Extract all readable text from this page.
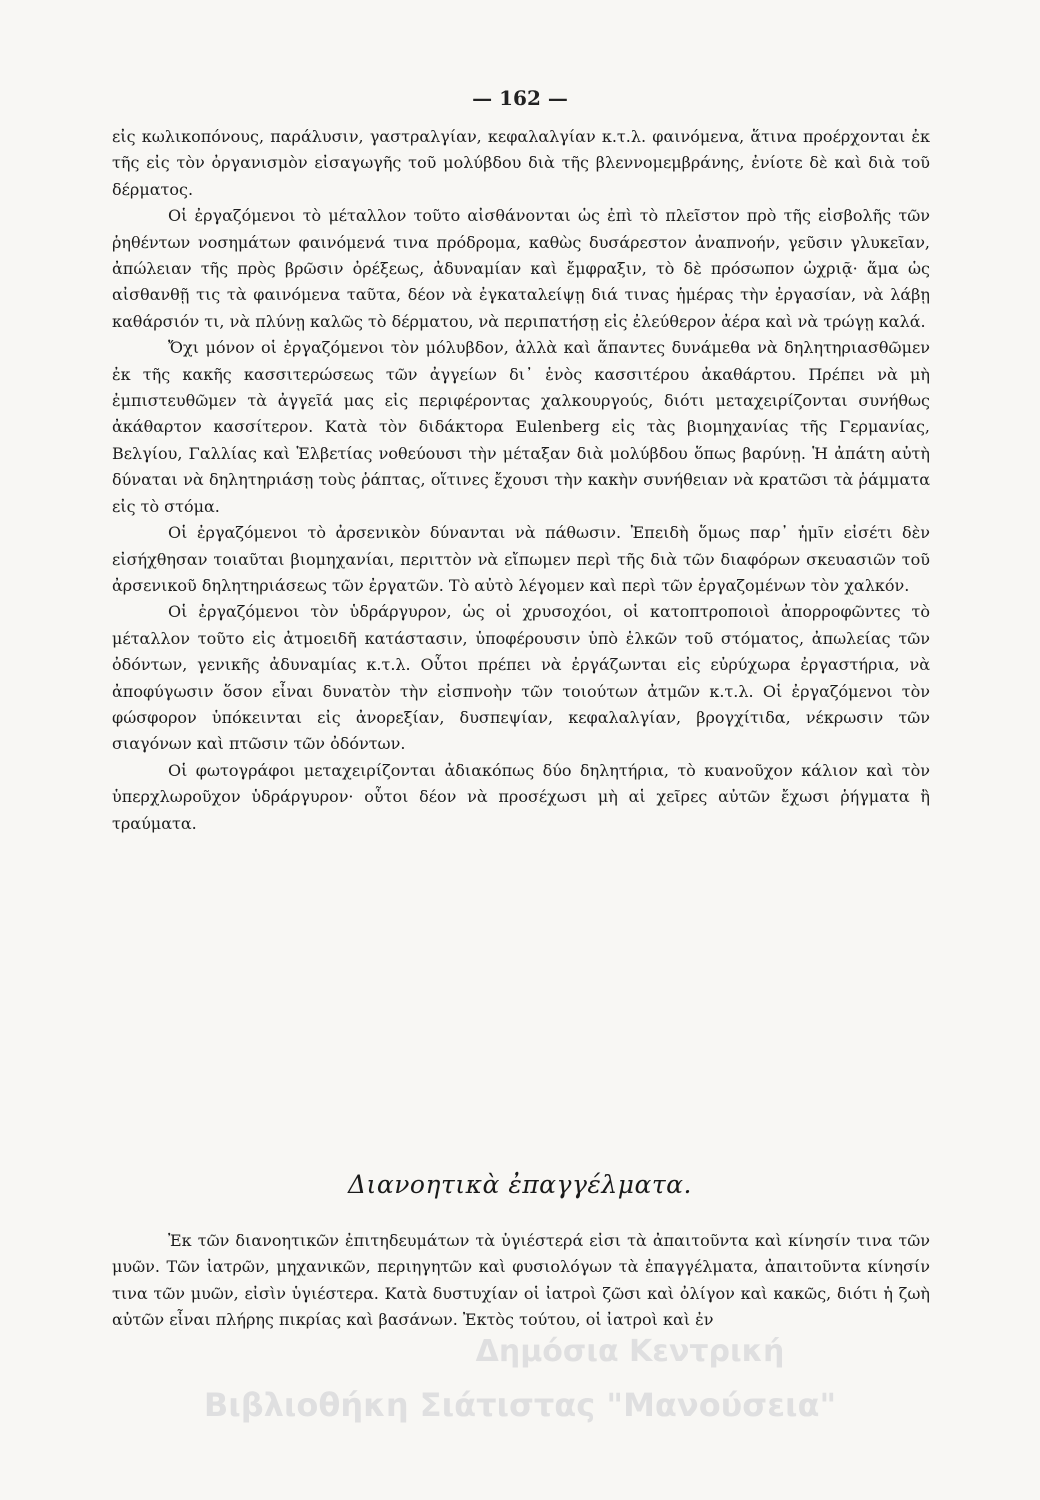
— 162 —

εἰς κωλικοπόνους, παράλυσιν, γαστραλγίαν, κεφαλαλγίαν κ.τ.λ. φαινόμενα, ἅτινα προέρχονται ἐκ τῆς εἰς τὸν ὀργανισμὸν εἰσαγωγῆς τοῦ μολύβδου διὰ τῆς βλεννομεμβράνης, ἐνίοτε δὲ καὶ διὰ τοῦ δέρματος.

Οἱ ἐργαζόμενοι τὸ μέταλλον τοῦτο αἰσθάνονται ὡς ἐπὶ τὸ πλεῖστον πρὸ τῆς εἰσβολῆς τῶν ῥηθέντων νοσημάτων φαινόμενά τινα πρόδρομα, καθὼς δυσάρεστον ἀναπνοήν, γεῦσιν γλυκεῖαν, ἀπώλειαν τῆς πρὸς βρῶσιν ὀρέξεως, ἀδυναμίαν καὶ ἔμφραξιν, τὸ δὲ πρόσωπον ὠχριᾷ· ἅμα ὡς αἰσθανθῇ τις τὰ φαινόμενα ταῦτα, δέον νὰ ἐγκαταλείψῃ διά τινας ἡμέρας τὴν ἐργασίαν, νὰ λάβῃ καθάρσιόν τι, νὰ πλύνῃ καλῶς τὸ δέρματου, νὰ περιπατήσῃ εἰς ἐλεύθερον ἀέρα καὶ νὰ τρώγῃ καλά.

Ὄχι μόνον οἱ ἐργαζόμενοι τὸν μόλυβδον, ἀλλὰ καὶ ἅπαντες δυνάμεθα νὰ δηλητηριασθῶμεν ἐκ τῆς κακῆς κασσιτερώσεως τῶν ἀγγείων δι᾽ ἑνὸς κασσιτέρου ἀκαθάρτου. Πρέπει νὰ μὴ ἐμπιστευθῶμεν τὰ ἀγγεῖά μας εἰς περιφέροντας χαλκουργούς, διότι μεταχειρίζονται συνήθως ἀκάθαρτον κασσίτερον. Κατὰ τὸν διδάκτορα Eulenberg εἰς τὰς βιομηχανίας τῆς Γερμανίας, Βελγίου, Γαλλίας καὶ Ἑλβετίας νοθεύουσι τὴν μέταξαν διὰ μολύβδου ὅπως βαρύνῃ. Ἡ ἀπάτη αὐτὴ δύναται νὰ δηλητηριάσῃ τοὺς ῥάπτας, οἵτινες ἔχουσι τὴν κακὴν συνήθειαν νὰ κρατῶσι τὰ ῥάμματα εἰς τὸ στόμα.

Οἱ ἐργαζόμενοι τὸ ἀρσενικὸν δύνανται νὰ πάθωσιν. Ἐπειδὴ ὅμως παρ᾽ ἡμῖν εἰσέτι δὲν εἰσήχθησαν τοιαῦται βιομηχανίαι, περιττὸν νὰ εἴπωμεν περὶ τῆς διὰ τῶν διαφόρων σκευασιῶν τοῦ ἀρσενικοῦ δηλητηριάσεως τῶν ἐργατῶν. Τὸ αὐτὸ λέγομεν καὶ περὶ τῶν ἐργαζομένων τὸν χαλκόν.

Οἱ ἐργαζόμενοι τὸν ὑδράργυρον, ὡς οἱ χρυσοχόοι, οἱ κατοπτροποιοὶ ἀπορροφῶντες τὸ μέταλλον τοῦτο εἰς ἀτμοειδῆ κατάστασιν, ὑποφέρουσιν ὑπὸ ἑλκῶν τοῦ στόματος, ἀπωλείας τῶν ὀδόντων, γενικῆς ἀδυναμίας κ.τ.λ. Οὗτοι πρέπει νὰ ἐργάζωνται εἰς εὐρύχωρα ἐργαστήρια, νὰ ἀποφύγωσιν ὅσον εἶναι δυνατὸν τὴν εἰσπνοὴν τῶν τοιούτων ἀτμῶν κ.τ.λ. Οἱ ἐργαζόμενοι τὸν φώσφορον ὑπόκεινται εἰς ἀνορεξίαν, δυσπεψίαν, κεφαλαλγίαν, βρογχίτιδα, νέκρωσιν τῶν σιαγόνων καὶ πτῶσιν τῶν ὀδόντων.

Οἱ φωτογράφοι μεταχειρίζονται ἀδιακόπως δύο δηλητήρια, τὸ κυανοῦχον κάλιον καὶ τὸν ὑπερχλωροῦχον ὑδράργυρον· οὗτοι δέον νὰ προσέχωσι μὴ αἱ χεῖρες αὐτῶν ἔχωσι ῥήγματα ἢ τραύματα.

Διανοητικὰ ἐπαγγέλματα.

Ἐκ τῶν διανοητικῶν ἐπιτηδευμάτων τὰ ὑγιέστερά εἰσι τὰ ἀπαιτοῦντα καὶ κίνησίν τινα τῶν μυῶν. Τῶν ἰατρῶν, μηχανικῶν, περιηγητῶν καὶ φυσιολόγων τὰ ἐπαγγέλματα, ἀπαιτοῦντα κίνησίν τινα τῶν μυῶν, εἰσὶν ὑγιέστερα. Κατὰ δυστυχίαν οἱ ἰατροὶ ζῶσι καὶ ὀλίγον καὶ κακῶς, διότι ἡ ζωὴ αὐτῶν εἶναι πλήρης πικρίας καὶ βασάνων. Ἐκτὸς τούτου, οἱ ἰατροὶ καὶ ἐν

Δημόσια Κεντρική
Βιβλιοθήκη Σιάτιστας "Μανούσεια"
